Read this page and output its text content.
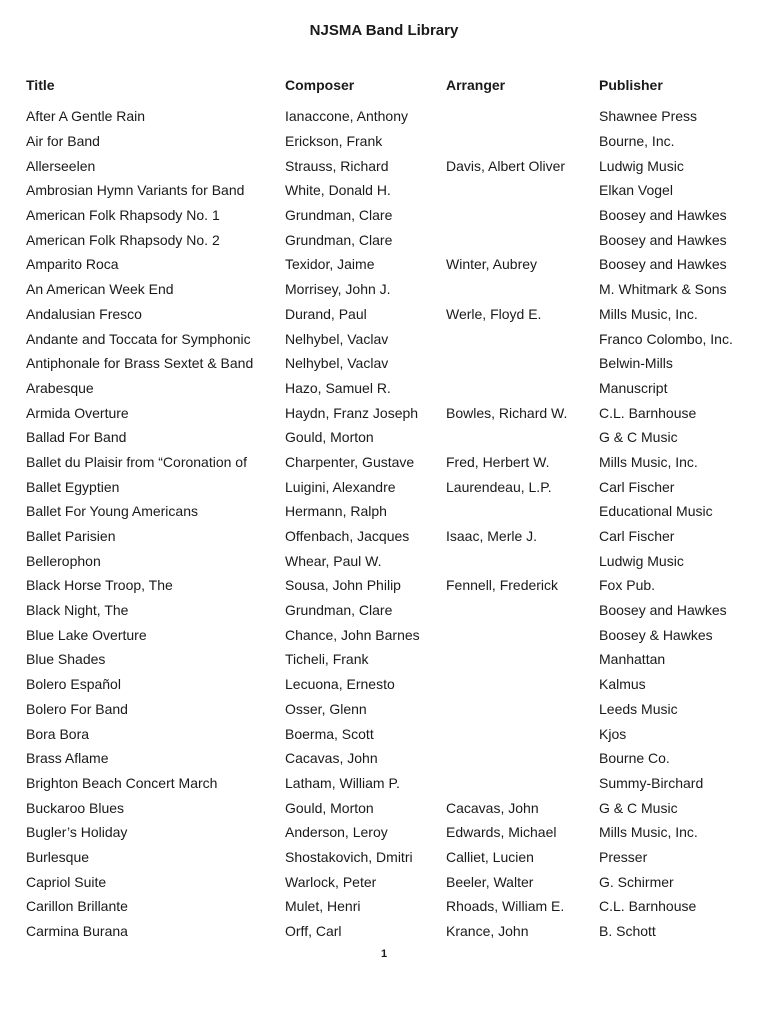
NJSMA Band Library
Title	Composer	Arranger	Publisher

After A Gentle Rain	Ianaccone, Anthony		Shawnee Press
Air for Band	Erickson, Frank		Bourne, Inc.
Allerseelen	Strauss, Richard	Davis, Albert Oliver	Ludwig Music
Ambrosian Hymn Variants for Band	White, Donald H.		Elkan Vogel
American Folk Rhapsody No. 1	Grundman, Clare		Boosey and Hawkes
American Folk Rhapsody No. 2	Grundman, Clare		Boosey and Hawkes
Amparito Roca	Texidor, Jaime	Winter, Aubrey	Boosey and Hawkes
An American Week End	Morrisey, John J.		M. Whitmark & Sons
Andalusian Fresco	Durand, Paul	Werle, Floyd E.	Mills Music, Inc.
Andante and Toccata for Symphonic	Nelhybel, Vaclav		Franco Colombo, Inc.
Antiphonale for Brass Sextet & Band	Nelhybel, Vaclav		Belwin-Mills
Arabesque	Hazo, Samuel R.		Manuscript
Armida Overture	Haydn, Franz Joseph	Bowles, Richard W.	C.L. Barnhouse
Ballad For Band	Gould, Morton		G & C Music
Ballet du Plaisir from “Coronation of	Charpenter, Gustave	Fred, Herbert W.	Mills Music, Inc.
Ballet Egyptien	Luigini, Alexandre	Laurendeau, L.P.	Carl Fischer
Ballet For Young Americans	Hermann, Ralph		Educational Music
Ballet Parisien	Offenbach, Jacques	Isaac, Merle J.	Carl Fischer
Bellerophon	Whear, Paul W.		Ludwig Music
Black Horse Troop, The	Sousa, John Philip	Fennell, Frederick	Fox Pub.
Black Night, The	Grundman, Clare		Boosey and Hawkes
Blue Lake Overture	Chance, John Barnes		Boosey & Hawkes
Blue Shades	Ticheli, Frank		Manhattan
Bolero Español	Lecuona, Ernesto		Kalmus
Bolero For Band	Osser, Glenn		Leeds Music
Bora Bora	Boerma, Scott		Kjos
Brass Aflame	Cacavas, John		Bourne Co.
Brighton Beach Concert March	Latham, William P.		Summy-Birchard
Buckaroo Blues	Gould, Morton	Cacavas, John	G & C Music
Bugler’s Holiday	Anderson, Leroy	Edwards, Michael	Mills Music, Inc.
Burlesque	Shostakovich, Dmitri	Calliet, Lucien	Presser
Capriol Suite	Warlock, Peter	Beeler, Walter	G. Schirmer
Carillon Brillante	Mulet, Henri	Rhoads, William E.	C.L. Barnhouse
Carmina Burana	Orff, Carl	Krance, John	B. Schott
1
